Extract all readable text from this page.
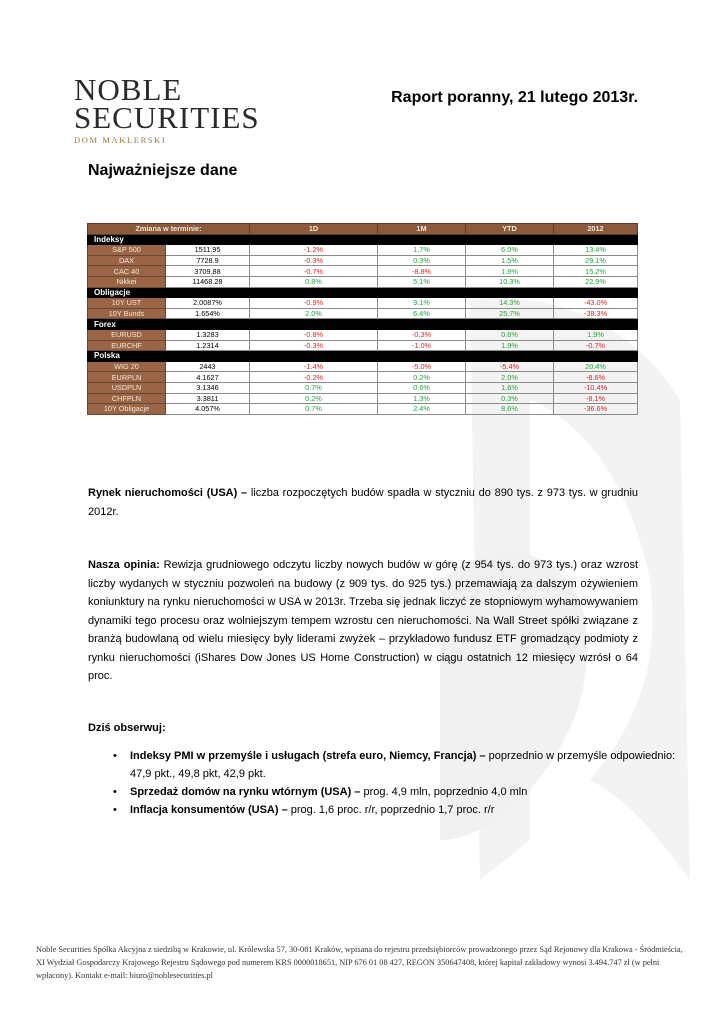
NOBLE
SECURITIES
DOM MAKLERSKI
Raport poranny, 21 lutego 2013r.
Najważniejsze dane
Zmiana w terminie:		1D	1M	YTD	2012
Indeksy					
S&P 500	1511.95	-1.2%	1.7%	6.0%	13.4%
DAX	7728.9	-0.3%	0.3%	1.5%	29.1%
CAC 40	3709.88	-0.7%	-8.8%	1.9%	15.2%
Nikkei	11468.28	0.8%	5.1%	10.3%	22.9%
Obligacje					
10Y UST	2.0087%	-0.9%	9.1%	14.3%	-43.0%
10Y Bunds	1.654%	2.0%	6.4%	25.7%	-38.3%
Forex					
EURUSD	1.3283	-0.8%	-0.3%	0.6%	1.9%
EURCHF	1.2314	-0.3%	-1.0%	1.9%	-0.7%
Polska					
WIG 20	2443	-1.4%	-5.0%	-5.4%	20.4%
EURPLN	4.1627	-0.2%	0.2%	2.0%	-8.6%
USDPLN	3.1346	0.7%	0.6%	1.6%	-10.4%
CHFPLN	3.3811	0.2%	1.3%	0.3%	-8.1%
10Y Obligacje	4.057%	0.7%	2.4%	8.6%	-36.6%
Rynek nieruchomości (USA) – liczba rozpoczętych budów spadła w styczniu do 890 tys. z 973 tys. w grudniu 2012r.
Nasza opinia: Rewizja grudniowego odczytu liczby nowych budów w górę (z 954 tys. do 973 tys.) oraz wzrost liczby wydanych w styczniu pozwoleń na budowy (z 909 tys. do 925 tys.) przemawiają za dalszym ożywieniem koniunktury na rynku nieruchomości w USA w 2013r. Trzeba się jednak liczyć ze stopniowym wyhamowywaniem dynamiki tego procesu oraz wolniejszym tempem wzrostu cen nieruchomości. Na Wall Street spółki związane z branżą budowlaną od wielu miesięcy były liderami zwyżek – przykładowo fundusz ETF gromadzący podmioty z rynku nieruchomości (iShares Dow Jones US Home Construction) w ciągu ostatnich 12 miesięcy wzrósł o 64 proc.
Dziś obserwuj:
• Indeksy PMI w przemyśle i usługach (strefa euro, Niemcy, Francja) – poprzednio w przemyśle odpowiednio: 47,9 pkt., 49,8 pkt, 42,9 pkt.
• Sprzedaż domów na rynku wtórnym (USA) – prog. 4,9 mln, poprzednio 4,0 mln
• Inflacja konsumentów (USA) – prog. 1,6 proc. r/r, poprzednio 1,7 proc. r/r
Noble Securities Spółka Akcyjna z siedzibą w Krakowie, ul. Królewska 57, 30-081 Kraków, wpisana do rejestru przedsiębiorców prowadzonego przez Sąd Rejonowy dla Krakowa - Śródmieścia, XI Wydział Gospodarczy Krajowego Rejestru Sądowego pod numerem KRS 0000018651, NIP 676 01 08 427, REGON 350647408, której kapitał zakładowy wynosi 3.494.747 zł (w pełni wpłacony). Kontakt e-mail: biuro@noblesecurities.pl
